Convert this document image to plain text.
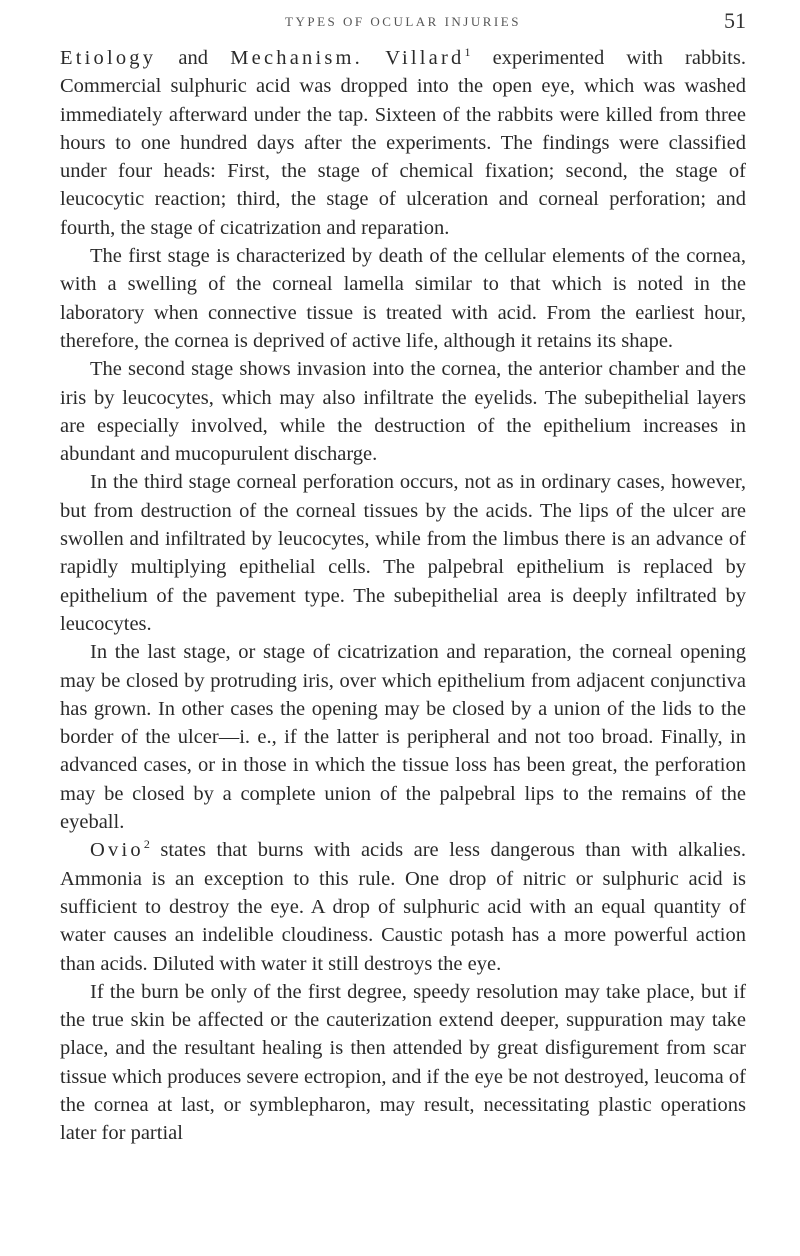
TYPES OF OCULAR INJURIES	51

Etiology and Mechanism. Villard$^1$ experimented with rabbits. Commercial sulphuric acid was dropped into the open eye, which was washed immediately afterward under the tap. Sixteen of the rabbits were killed from three hours to one hundred days after the experiments. The findings were classified under four heads: First, the stage of chemical fixation; second, the stage of leucocytic reaction; third, the stage of ulceration and corneal perforation; and fourth, the stage of cicatrization and reparation.

The first stage is characterized by death of the cellular elements of the cornea, with a swelling of the corneal lamella similar to that which is noted in the laboratory when connective tissue is treated with acid. From the earliest hour, therefore, the cornea is deprived of active life, although it retains its shape.

The second stage shows invasion into the cornea, the anterior chamber and the iris by leucocytes, which may also infiltrate the eyelids. The subepithelial layers are especially involved, while the destruction of the epithelium increases in abundant and mucopurulent discharge.

In the third stage corneal perforation occurs, not as in ordinary cases, however, but from destruction of the corneal tissues by the acids. The lips of the ulcer are swollen and infiltrated by leucocytes, while from the limbus there is an advance of rapidly multiplying epithelial cells. The palpebral epithelium is replaced by epithelium of the pavement type. The subepithelial area is deeply infiltrated by leucocytes.

In the last stage, or stage of cicatrization and reparation, the corneal opening may be closed by protruding iris, over which epithelium from adjacent conjunctiva has grown. In other cases the opening may be closed by a union of the lids to the border of the ulcer—i. e., if the latter is peripheral and not too broad. Finally, in advanced cases, or in those in which the tissue loss has been great, the perforation may be closed by a complete union of the palpebral lips to the remains of the eyeball.

Ovio$^2$ states that burns with acids are less dangerous than with alkalies. Ammonia is an exception to this rule. One drop of nitric or sulphuric acid is sufficient to destroy the eye. A drop of sulphuric acid with an equal quantity of water causes an indelible cloudiness. Caustic potash has a more powerful action than acids. Diluted with water it still destroys the eye.

If the burn be only of the first degree, speedy resolution may take place, but if the true skin be affected or the cauterization extend deeper, suppuration may take place, and the resultant healing is then attended by great disfigurement from scar tissue which produces severe ectropion, and if the eye be not destroyed, leucoma of the cornea at last, or symblepharon, may result, necessitating plastic operations later for partial
